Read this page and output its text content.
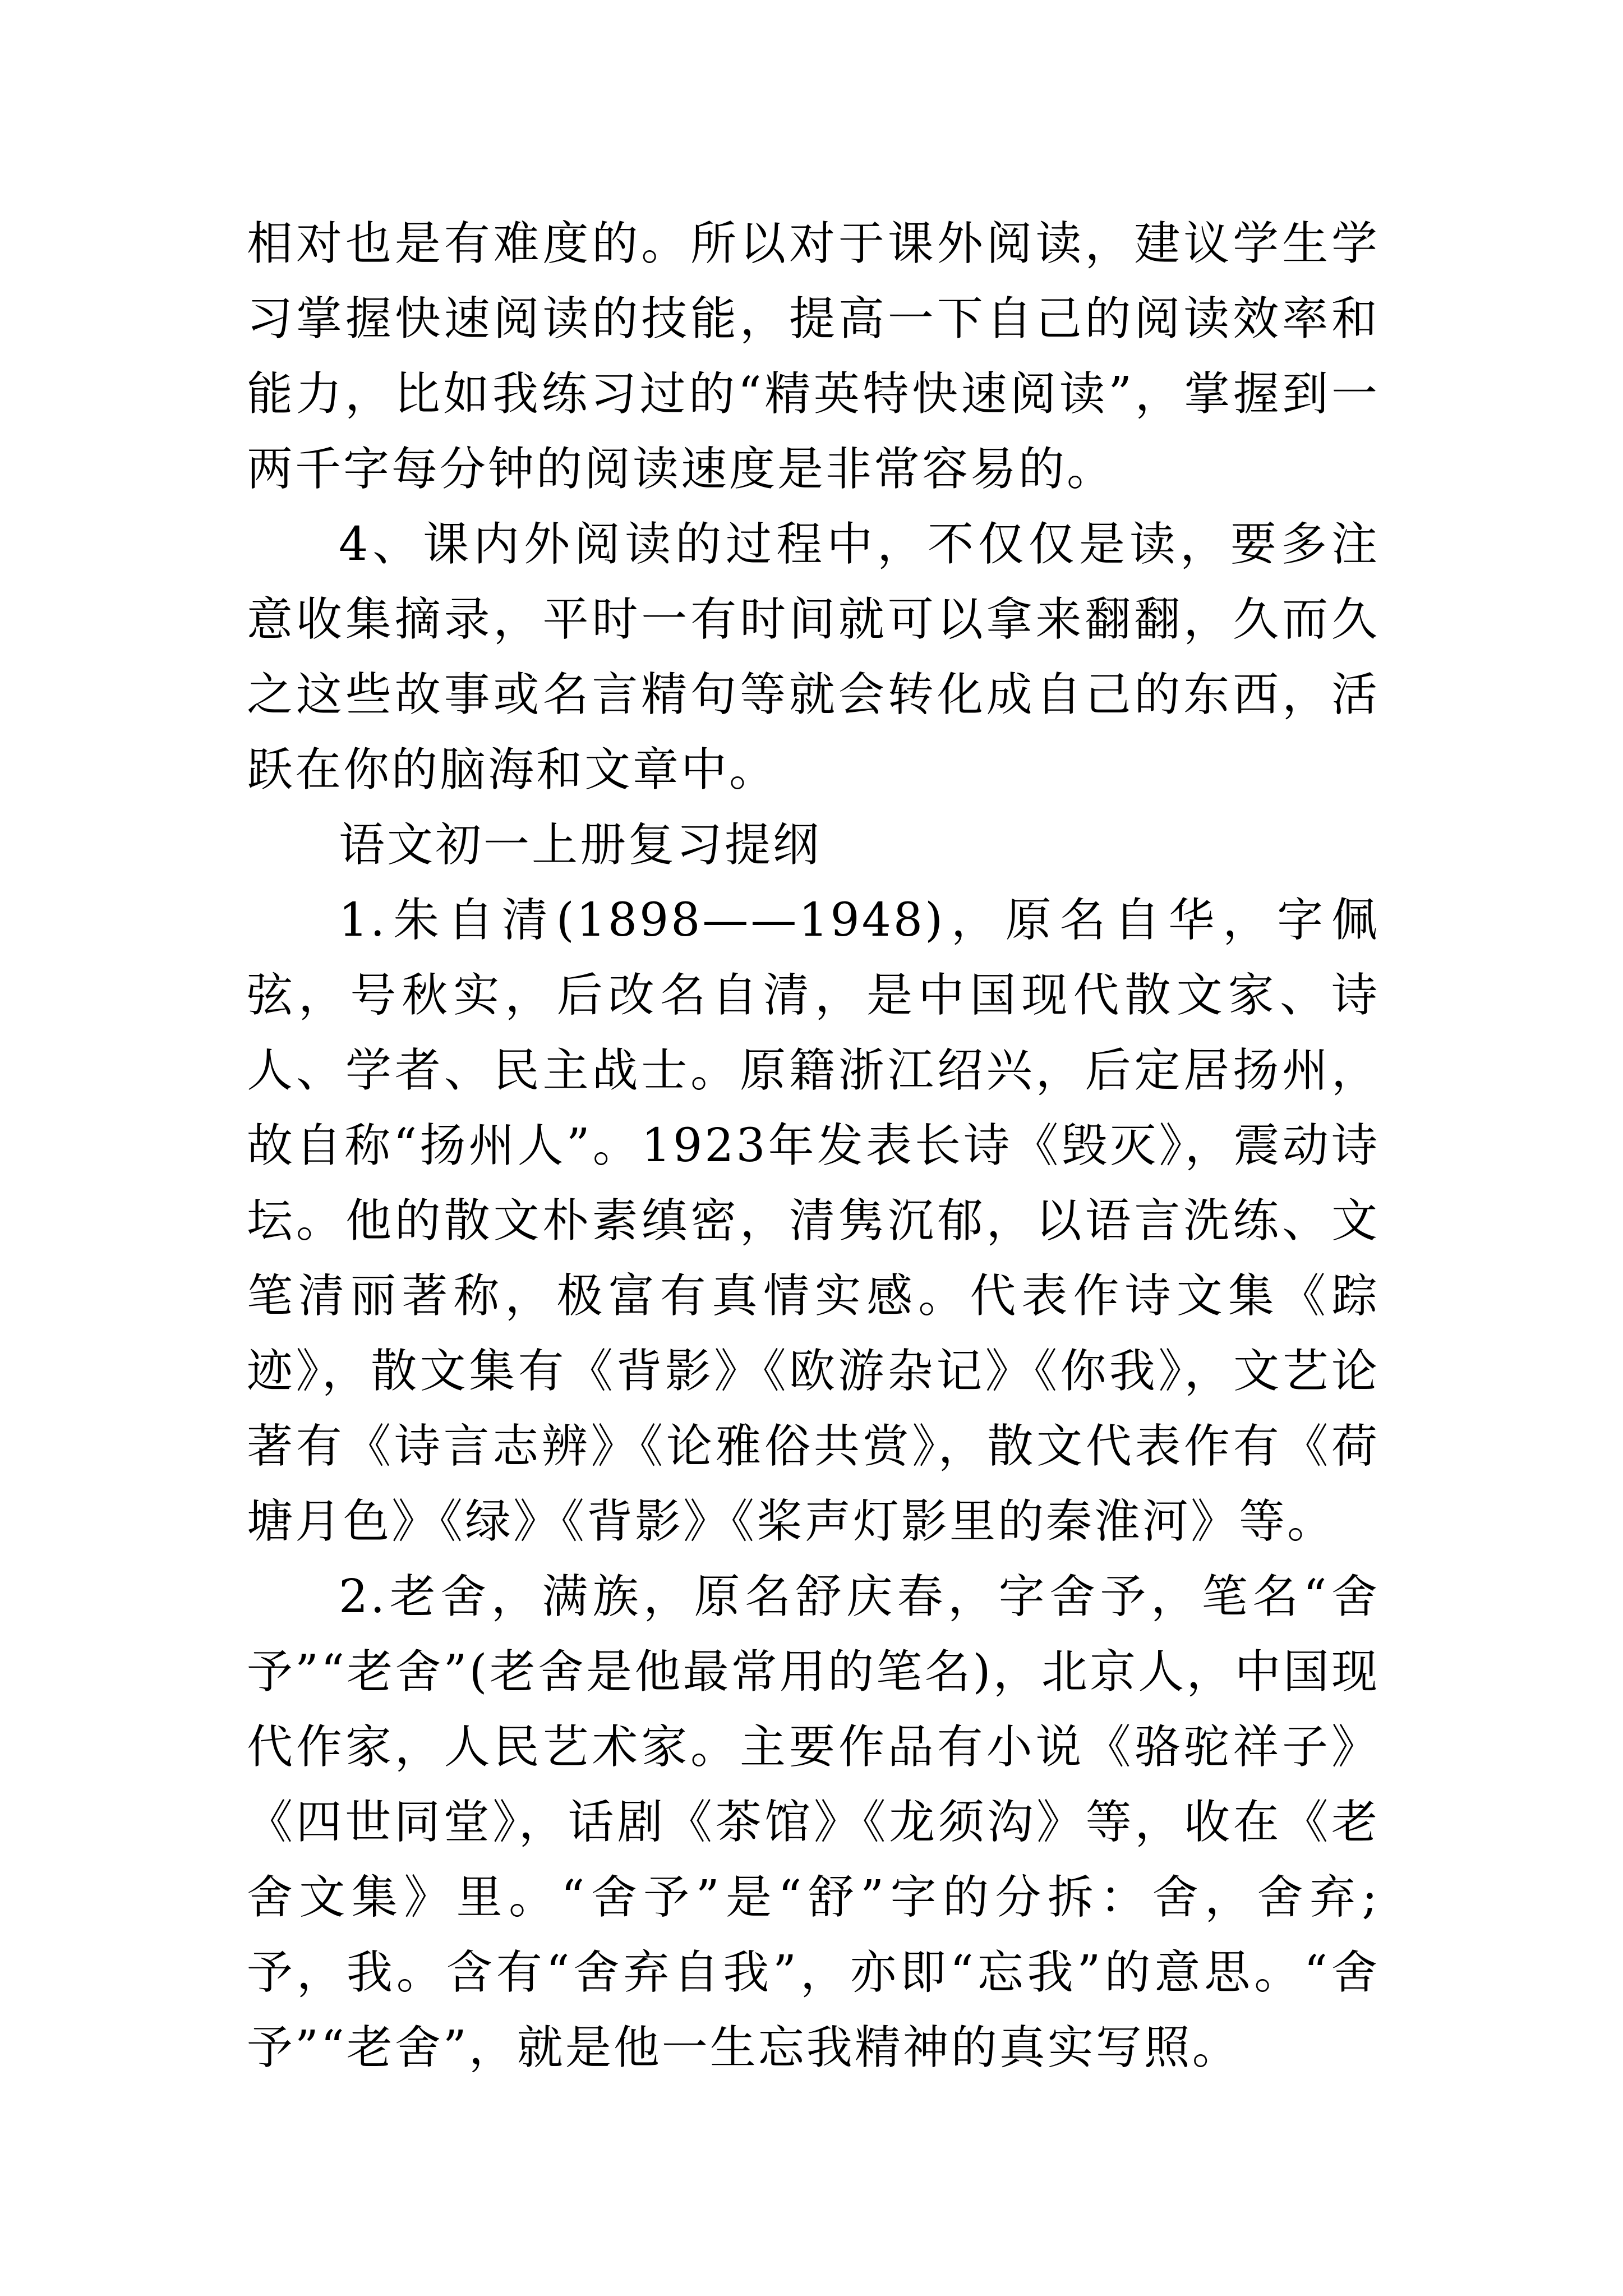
相对也是有难度的。所以对于课外阅读，建议学生学习掌握快速阅读的技能，提高一下自己的阅读效率和能力，比如我练习过的“精英特快速阅读”，掌握到一两千字每分钟的阅读速度是非常容易的。

4、课内外阅读的过程中，不仅仅是读，要多注意收集摘录，平时一有时间就可以拿来翻翻，久而久之这些故事或名言精句等就会转化成自己的东西，活跃在你的脑海和文章中。

语文初一上册复习提纲

1.朱自清(1898——1948)，原名自华，字佩弦，号秋实，后改名自清，是中国现代散文家、诗人、学者、民主战士。原籍浙江绍兴，后定居扬州，故自称“扬州人”。1923年发表长诗《毁灭》，震动诗坛。他的散文朴素缜密，清隽沉郁，以语言洗练、文笔清丽著称，极富有真情实感。代表作诗文集《踪迹》，散文集有《背影》《欧游杂记》《你我》，文艺论著有《诗言志辨》《论雅俗共赏》，散文代表作有《荷塘月色》《绿》《背影》《桨声灯影里的秦淮河》等。

2.老舍，满族，原名舒庆春，字舍予，笔名“舍予”“老舍”(老舍是他最常用的笔名)，北京人，中国现代作家，人民艺术家。主要作品有小说《骆驼祥子》《四世同堂》，话剧《茶馆》《龙须沟》等，收在《老舍文集》里。“舍予”是“舒”字的分拆：舍，舍弃;予，我。含有“舍弃自我”，亦即“忘我”的意思。“舍予”“老舍”，就是他一生忘我精神的真实写照。
